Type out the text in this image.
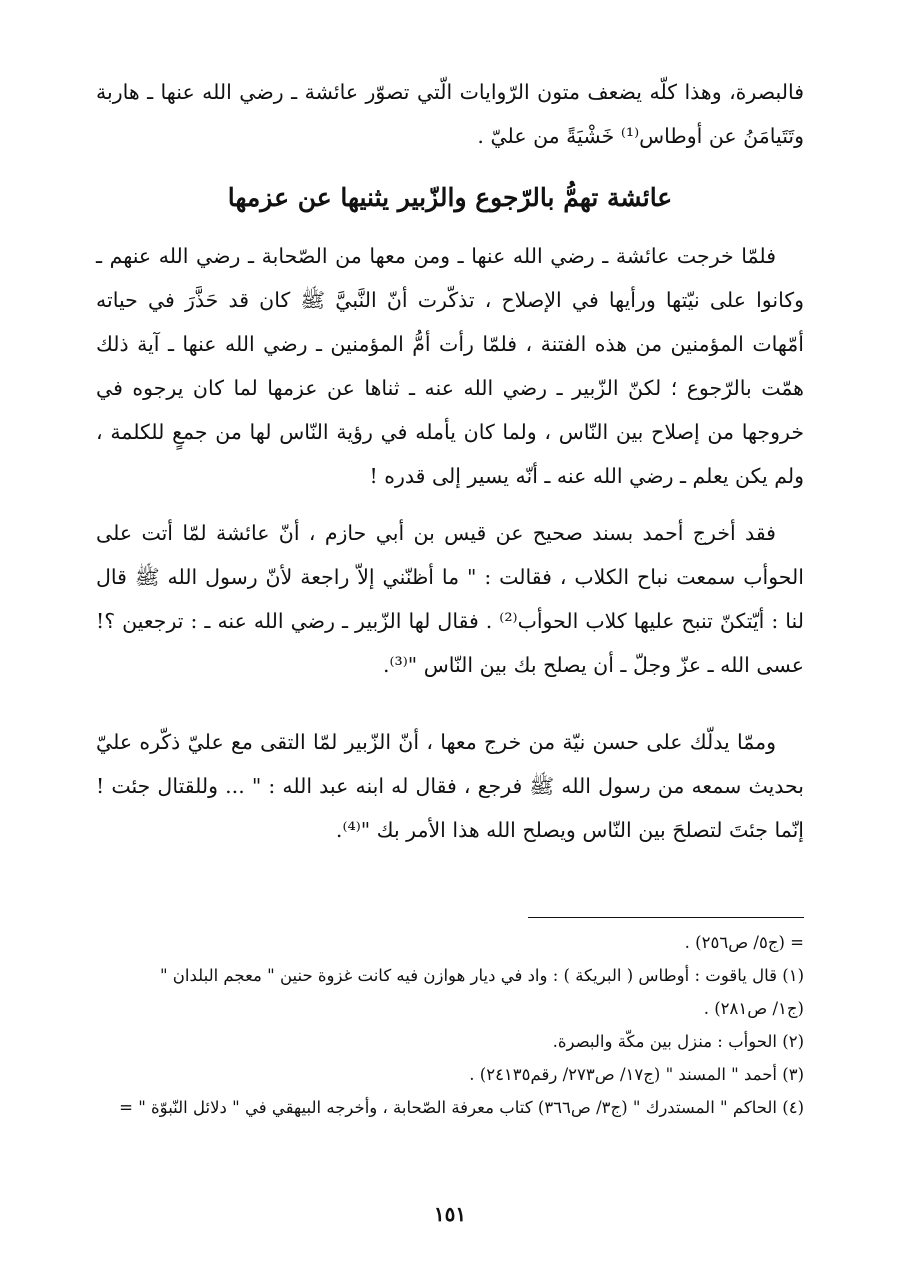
فالبصرة، وهذا كلّه يضعف متون الرّوايات الّتي تصوّر عائشة ـ رضي الله عنها ـ هاربة وتَتَيامَنُ عن أوطاس⁽¹⁾ خَشْيَةً من عليّ .

عائشة تهمُّ بالرّجوع والزّبير يثنيها عن عزمها

فلمّا خرجت عائشة ـ رضي الله عنها ـ ومن معها من الصّحابة ـ رضي الله عنهم ـ وكانوا على نيّتها ورأيها في الإصلاح ، تذكّرت أنّ النَّبيَّ ﷺ كان قد حَذَّرَ في حياته أمّهات المؤمنين من هذه الفتنة ، فلمّا رأت أمُّ المؤمنين ـ رضي الله عنها ـ آية ذلك همّت بالرّجوع ؛ لكنّ الزّبير ـ رضي الله عنه ـ ثناها عن عزمها لما كان يرجوه في خروجها من إصلاح بين النّاس ، ولما كان يأمله في رؤية النّاس لها من جمعٍ للكلمة ، ولم يكن يعلم ـ رضي الله عنه ـ أنّه يسير إلى قدره !

فقد أخرج أحمد بسند صحيح عن قيس بن أبي حازم ، أنّ عائشة لمّا أتت على الحوأب سمعت نباح الكلاب ، فقالت : " ما أظنّني إلاّ راجعة لأنّ رسول الله ﷺ قال لنا : أيّتكنّ تنبح عليها كلاب الحوأب⁽²⁾ . فقال لها الزّبير ـ رضي الله عنه ـ : ترجعين ؟! عسى الله ـ عزّ وجلّ ـ أن يصلح بك بين النّاس "⁽³⁾.

وممّا يدلّك على حسن نيّة من خرج معها ، أنّ الزّبير لمّا التقى مع عليّ ذكّره عليّ بحديث سمعه من رسول الله ﷺ فرجع ، فقال له ابنه عبد الله : " ... وللقتال جئت ! إنّما جئتَ لتصلحَ بين النّاس ويصلح الله هذا الأمر بك "⁽⁴⁾.

= (ج٥/ ص٢٥٦) .
(١) قال ياقوت : أوطاس ( البريكة ) : واد في ديار هوازن فيه كانت غزوة حنين " معجم البلدان "
(ج١/ ص٢٨١) .
(٢) الحوأب : منزل بين مكّة والبصرة.
(٣) أحمد " المسند " (ج١٧/ ص٢٧٣/ رقم٢٤١٣٥) .
(٤) الحاكم " المستدرك " (ج٣/ ص٣٦٦) كتاب معرفة الصّحابة ، وأخرجه البيهقي في " دلائل النّبوّة " =
١٥١
